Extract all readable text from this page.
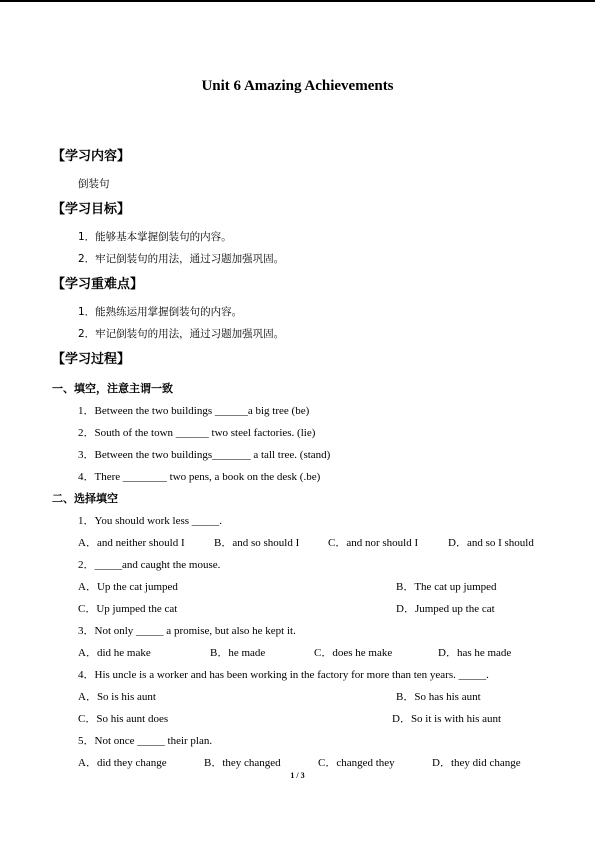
Unit 6 Amazing Achievements
【学习内容】
倒装句
【学习目标】
1．能够基本掌握倒装句的内容。
2．牢记倒装句的用法，通过习题加强巩固。
【学习重难点】
1．能熟练运用掌握倒装句的内容。
2．牢记倒装句的用法，通过习题加强巩固。
【学习过程】
一、填空，注意主谓一致
1．Between the two buildings ______a big tree (be)
2．South of the town ______ two steel factories. (lie)
3．Between the two buildings_______ a tall tree. (stand)
4．There ________ two pens, a book on the desk (.be)
二、选择填空
1．You should work less _____.
A．and neither should I	B．and so should I	C．and nor should I	D．and so I should
2．_____and caught the mouse.
A．Up the cat jumped	B．The cat up jumped
C．Up jumped the cat	D．Jumped up the cat
3．Not only _____ a promise, but also he kept it.
A．did he make	B．he made	C．does he make	D．has he made
4．His uncle is a worker and has been working in the factory for more than ten years. _____.
A．So is his aunt	B．So has his aunt
C．So his aunt does	D．So it is with his aunt
5．Not once _____ their plan.
A．did they change	B．they changed	C．changed they	D．they did change
1 / 3
